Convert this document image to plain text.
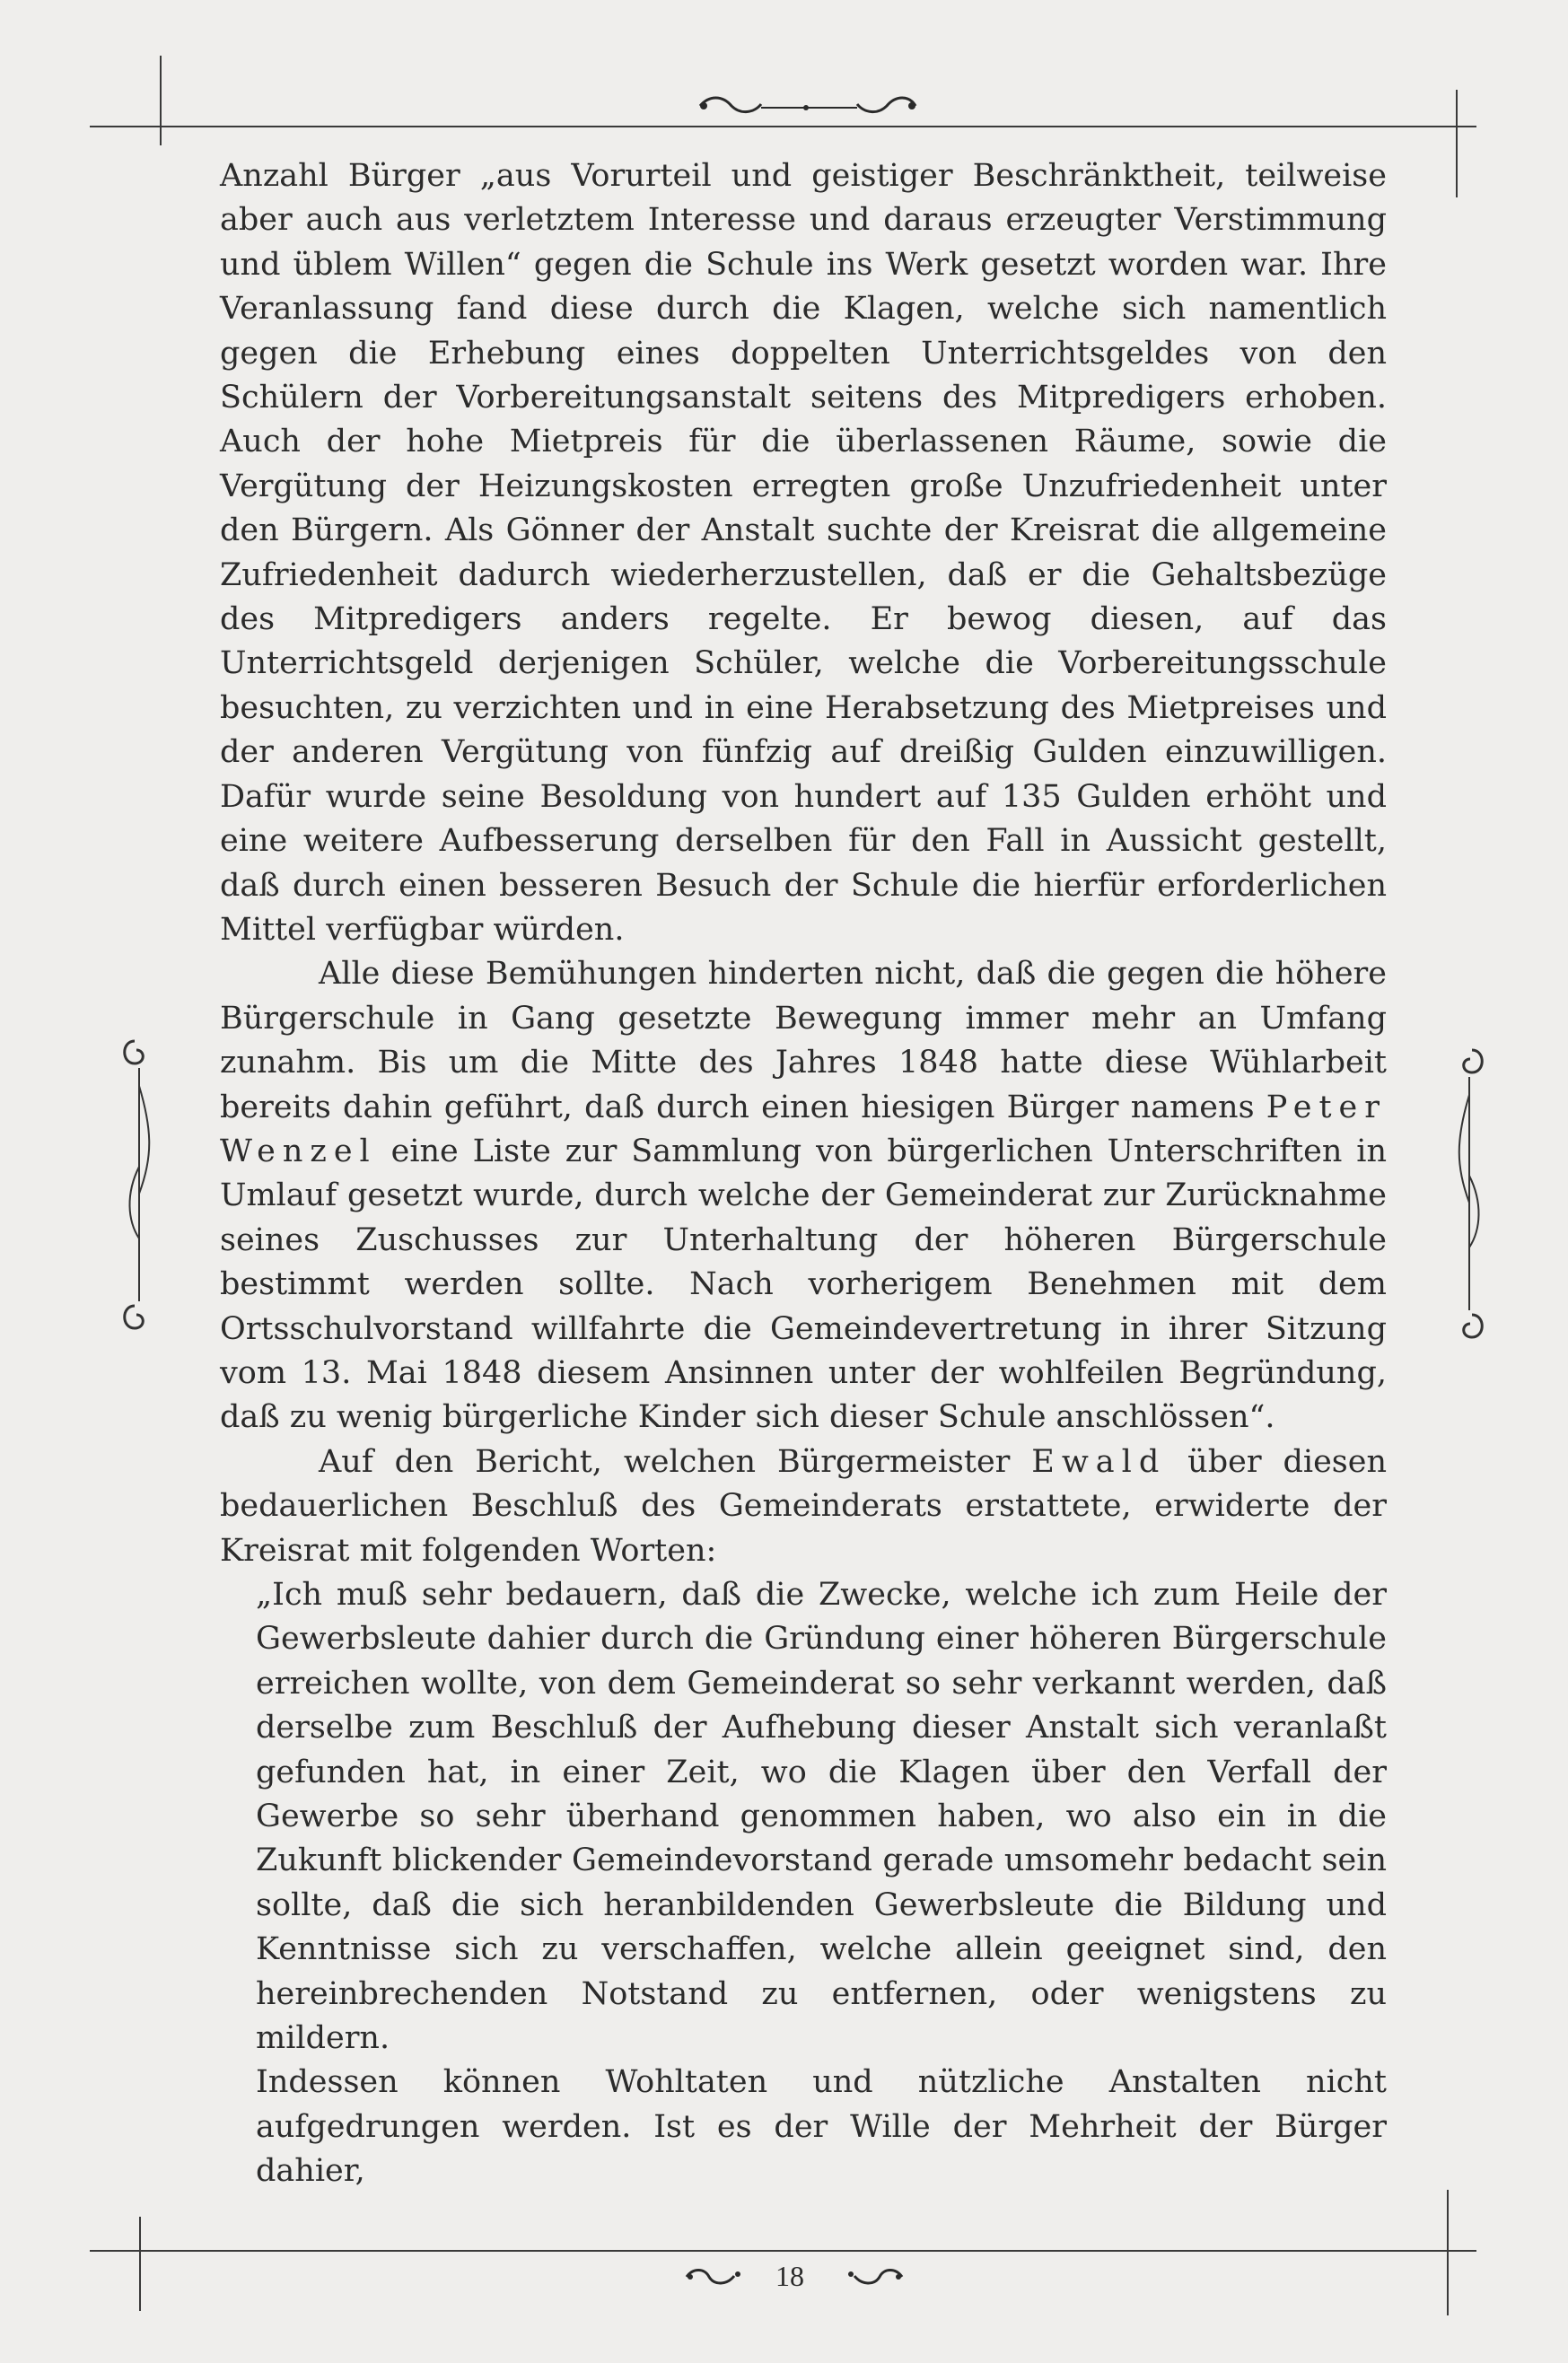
Anzahl Bürger „aus Vorurteil und geistiger Beschränktheit, teilweise aber auch aus verletztem Interesse und daraus erzeugter Verstimmung und üblem Willen“ gegen die Schule ins Werk gesetzt worden war. Ihre Veranlassung fand diese durch die Klagen, welche sich namentlich gegen die Erhebung eines doppelten Unterrichtsgeldes von den Schülern der Vorbereitungsanstalt seitens des Mitpredigers erhoben. Auch der hohe Mietpreis für die überlassenen Räume, sowie die Vergütung der Heizungskosten erregten große Unzufriedenheit unter den Bürgern. Als Gönner der Anstalt suchte der Kreisrat die allgemeine Zufriedenheit dadurch wiederherzustellen, daß er die Gehaltsbezüge des Mitpredigers anders regelte. Er bewog diesen, auf das Unterrichtsgeld derjenigen Schüler, welche die Vorbereitungsschule besuchten, zu verzichten und in eine Herabsetzung des Mietpreises und der anderen Vergütung von fünfzig auf dreißig Gulden einzuwilligen. Dafür wurde seine Besoldung von hundert auf 135 Gulden erhöht und eine weitere Aufbesserung derselben für den Fall in Aussicht gestellt, daß durch einen besseren Besuch der Schule die hierfür erforderlichen Mittel verfügbar würden.

Alle diese Bemühungen hinderten nicht, daß die gegen die höhere Bürgerschule in Gang gesetzte Bewegung immer mehr an Umfang zunahm. Bis um die Mitte des Jahres 1848 hatte diese Wühlarbeit bereits dahin geführt, daß durch einen hiesigen Bürger namens Peter Wenzel eine Liste zur Sammlung von bürgerlichen Unterschriften in Umlauf gesetzt wurde, durch welche der Gemeinderat zur Zurücknahme seines Zuschusses zur Unterhaltung der höheren Bürgerschule bestimmt werden sollte. Nach vorherigem Benehmen mit dem Ortsschulvorstand willfahrte die Gemeindevertretung in ihrer Sitzung vom 13. Mai 1848 diesem Ansinnen unter der wohlfeilen Begründung, daß zu wenig bürgerliche Kinder sich dieser Schule anschlössen“.

Auf den Bericht, welchen Bürgermeister Ewald über diesen bedauerlichen Beschluß des Gemeinderats erstattete, erwiderte der Kreisrat mit folgenden Worten:

„Ich muß sehr bedauern, daß die Zwecke, welche ich zum Heile der Gewerbsleute dahier durch die Gründung einer höheren Bürgerschule erreichen wollte, von dem Gemeinderat so sehr verkannt werden, daß derselbe zum Beschluß der Aufhebung dieser Anstalt sich veranlaßt gefunden hat, in einer Zeit, wo die Klagen über den Verfall der Gewerbe so sehr überhand genommen haben, wo also ein in die Zukunft blickender Gemeindevorstand gerade umsomehr bedacht sein sollte, daß die sich heranbildenden Gewerbsleute die Bildung und Kenntnisse sich zu verschaffen, welche allein geeignet sind, den hereinbrechenden Notstand zu entfernen, oder wenigstens zu mildern.

Indessen können Wohltaten und nützliche Anstalten nicht aufgedrungen werden. Ist es der Wille der Mehrheit der Bürger dahier,

18
